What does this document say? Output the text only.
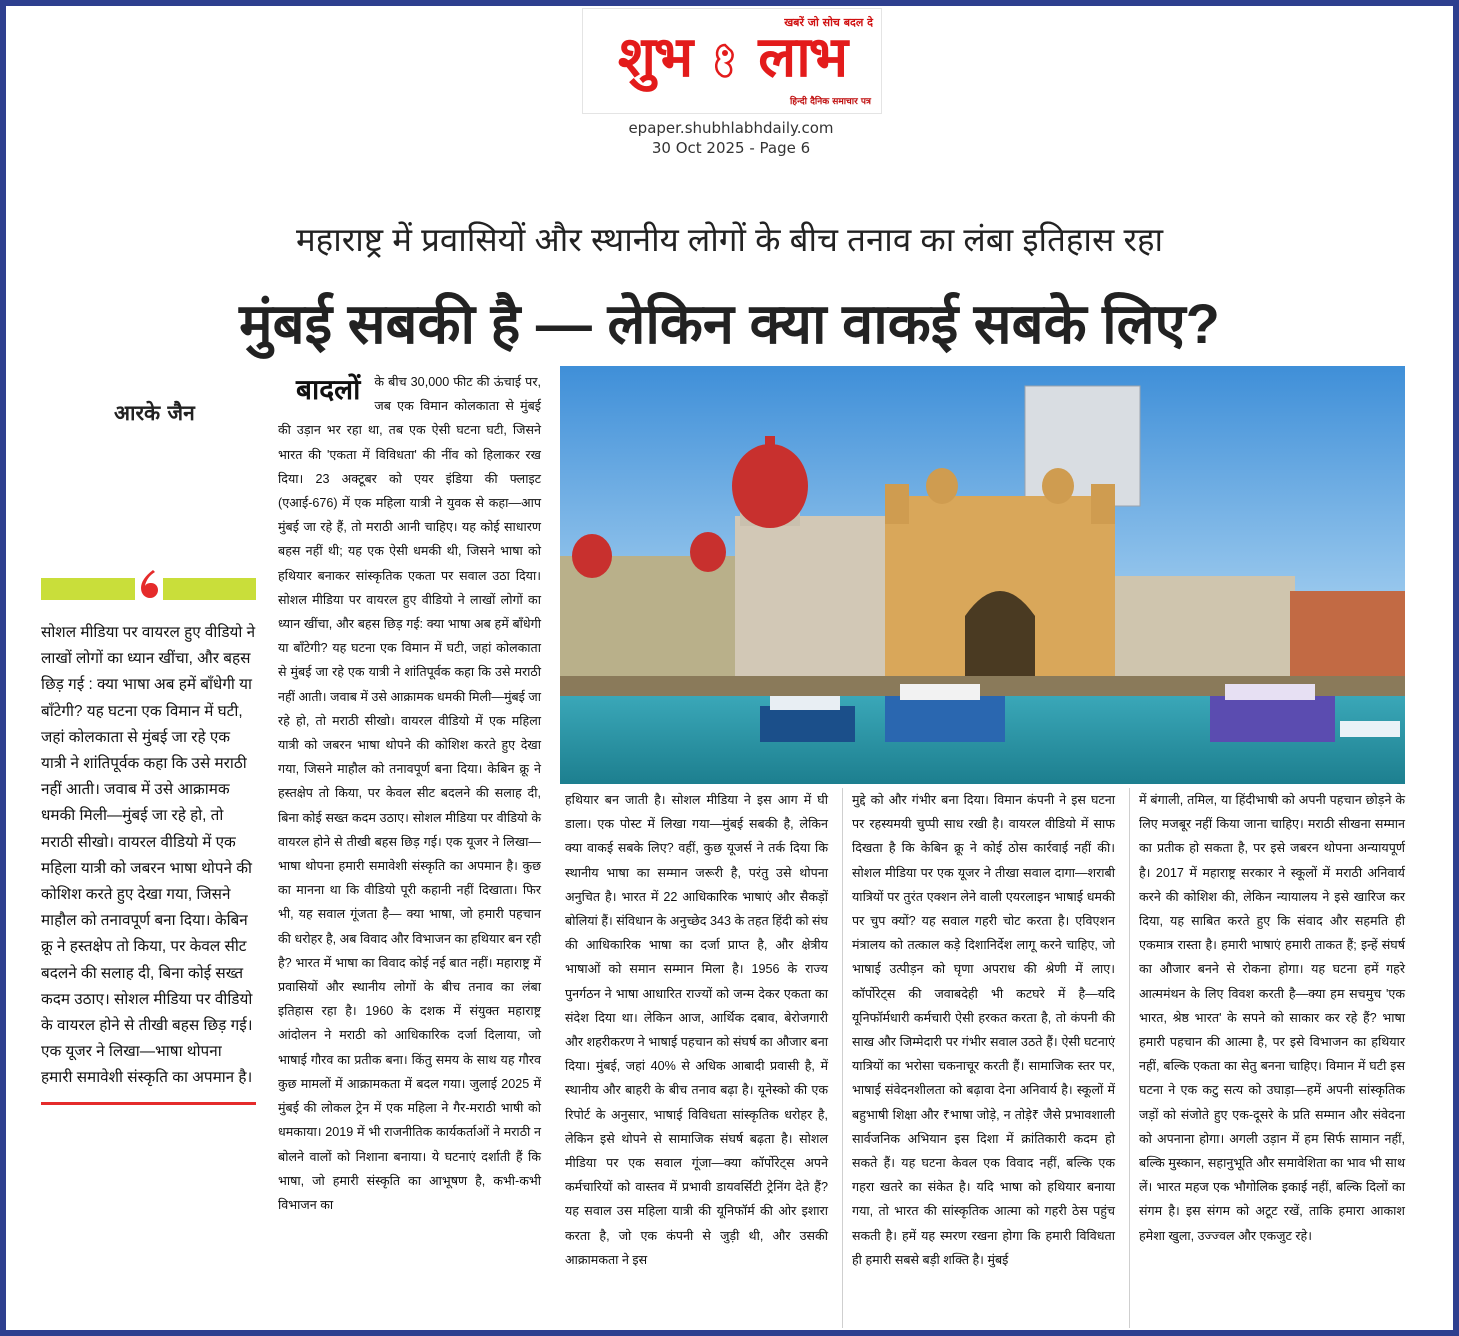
खबरें जो सोच बदल दे
शुभ लाभ
हिन्दी दैनिक समाचार पत्र
epaper.shubhlabhdaily.com
30 Oct 2025 - Page 6
महाराष्ट्र में प्रवासियों और स्थानीय लोगों के बीच तनाव का लंबा इतिहास रहा
मुंबई सबकी है — लेकिन क्या वाकई सबके लिए?
आरके जैन
सोशल मीडिया पर वायरल हुए वीडियो ने लाखों लोगों का ध्यान खींचा, और बहस छिड़ गई : क्या भाषा अब हमें बाँधेगी या बाँटेगी? यह घटना एक विमान में घटी, जहां कोलकाता से मुंबई जा रहे एक यात्री ने शांतिपूर्वक कहा कि उसे मराठी नहीं आती। जवाब में उसे आक्रामक धमकी मिली—मुंबई जा रहे हो, तो मराठी सीखो। वायरल वीडियो में एक महिला यात्री को जबरन भाषा थोपने की कोशिश करते हुए देखा गया, जिसने माहौल को तनावपूर्ण बना दिया। केबिन क्रू ने हस्तक्षेप तो किया, पर केवल सीट बदलने की सलाह दी, बिना कोई सख्त कदम उठाए। सोशल मीडिया पर वीडियो के वायरल होने से तीखी बहस छिड़ गई। एक यूजर ने लिखा—भाषा थोपना हमारी समावेशी संस्कृति का अपमान है।
बादलों के बीच 30,000 फीट की ऊंचाई पर, जब एक विमान कोलकाता से मुंबई की उड़ान भर रहा था, तब एक ऐसी घटना घटी, जिसने भारत की 'एकता में विविधता' की नींव को हिलाकर रख दिया। 23 अक्टूबर को एयर इंडिया की फ्लाइट (एआई-676) में एक महिला यात्री ने युवक से कहा—आप मुंबई जा रहे हैं, तो मराठी आनी चाहिए। यह कोई साधारण बहस नहीं थी; यह एक ऐसी धमकी थी, जिसने भाषा को हथियार बनाकर सांस्कृतिक एकता पर सवाल उठा दिया। सोशल मीडिया पर वायरल हुए वीडियो ने लाखों लोगों का ध्यान खींचा, और बहस छिड़ गई: क्या भाषा अब हमें बाँधेगी या बाँटेगी? यह घटना एक विमान में घटी, जहां कोलकाता से मुंबई जा रहे एक यात्री ने शांतिपूर्वक कहा कि उसे मराठी नहीं आती। जवाब में उसे आक्रामक धमकी मिली—मुंबई जा रहे हो, तो मराठी सीखो। वायरल वीडियो में एक महिला यात्री को जबरन भाषा थोपने की कोशिश करते हुए देखा गया, जिसने माहौल को तनावपूर्ण बना दिया। केबिन क्रू ने हस्तक्षेप तो किया, पर केवल सीट बदलने की सलाह दी, बिना कोई सख्त कदम उठाए। सोशल मीडिया पर वीडियो के वायरल होने से तीखी बहस छिड़ गई। एक यूजर ने लिखा—भाषा थोपना हमारी समावेशी संस्कृति का अपमान है। कुछ का मानना था कि वीडियो पूरी कहानी नहीं दिखाता। फिर भी, यह सवाल गूंजता है— क्या भाषा, जो हमारी पहचान की धरोहर है, अब विवाद और विभाजन का हथियार बन रही है? भारत में भाषा का विवाद कोई नई बात नहीं। महाराष्ट्र में प्रवासियों और स्थानीय लोगों के बीच तनाव का लंबा इतिहास रहा है। 1960 के दशक में संयुक्त महाराष्ट्र आंदोलन ने मराठी को आधिकारिक दर्जा दिलाया, जो भाषाई गौरव का प्रतीक बना। किंतु समय के साथ यह गौरव कुछ मामलों में आक्रामकता में बदल गया। जुलाई 2025 में मुंबई की लोकल ट्रेन में एक महिला ने गैर-मराठी भाषी को धमकाया। 2019 में भी राजनीतिक कार्यकर्ताओं ने मराठी न बोलने वालों को निशाना बनाया। ये घटनाएं दर्शाती हैं कि भाषा, जो हमारी संस्कृति का आभूषण है, कभी-कभी विभाजन का
हथियार बन जाती है। सोशल मीडिया ने इस आग में घी डाला। एक पोस्ट में लिखा गया—मुंबई सबकी है, लेकिन क्या वाकई सबके लिए? वहीं, कुछ यूजर्स ने तर्क दिया कि स्थानीय भाषा का सम्मान जरूरी है, परंतु उसे थोपना अनुचित है। भारत में 22 आधिकारिक भाषाएं और सैकड़ों बोलियां हैं। संविधान के अनुच्छेद 343 के तहत हिंदी को संघ की आधिकारिक भाषा का दर्जा प्राप्त है, और क्षेत्रीय भाषाओं को समान सम्मान मिला है। 1956 के राज्य पुनर्गठन ने भाषा आधारित राज्यों को जन्म देकर एकता का संदेश दिया था। लेकिन आज, आर्थिक दबाव, बेरोजगारी और शहरीकरण ने भाषाई पहचान को संघर्ष का औजार बना दिया। मुंबई, जहां 40% से अधिक आबादी प्रवासी है, में स्थानीय और बाहरी के बीच तनाव बढ़ा है। यूनेस्को की एक रिपोर्ट के अनुसार, भाषाई विविधता सांस्कृतिक धरोहर है, लेकिन इसे थोपने से सामाजिक संघर्ष बढ़ता है। सोशल मीडिया पर एक सवाल गूंजा—क्या कॉर्पोरेट्स अपने कर्मचारियों को वास्तव में प्रभावी डायवर्सिटी ट्रेनिंग देते हैं? यह सवाल उस महिला यात्री की यूनिफॉर्म की ओर इशारा करता है, जो एक कंपनी से जुड़ी थी, और उसकी आक्रामकता ने इस
मुद्दे को और गंभीर बना दिया। विमान कंपनी ने इस घटना पर रहस्यमयी चुप्पी साध रखी है। वायरल वीडियो में साफ दिखता है कि केबिन क्रू ने कोई ठोस कार्रवाई नहीं की। सोशल मीडिया पर एक यूजर ने तीखा सवाल दागा—शराबी यात्रियों पर तुरंत एक्शन लेने वाली एयरलाइन भाषाई धमकी पर चुप क्यों? यह सवाल गहरी चोट करता है। एविएशन मंत्रालय को तत्काल कड़े दिशानिर्देश लागू करने चाहिए, जो भाषाई उत्पीड़न को घृणा अपराध की श्रेणी में लाए। कॉर्पोरेट्स की जवाबदेही भी कटघरे में है—यदि यूनिफॉर्मधारी कर्मचारी ऐसी हरकत करता है, तो कंपनी की साख और जिम्मेदारी पर गंभीर सवाल उठते हैं। ऐसी घटनाएं यात्रियों का भरोसा चकनाचूर करती हैं। सामाजिक स्तर पर, भाषाई संवेदनशीलता को बढ़ावा देना अनिवार्य है। स्कूलों में बहुभाषी शिक्षा और ₹भाषा जोड़े, न तोड़े₹ जैसे प्रभावशाली सार्वजनिक अभियान इस दिशा में क्रांतिकारी कदम हो सकते हैं। यह घटना केवल एक विवाद नहीं, बल्कि एक गहरा खतरे का संकेत है। यदि भाषा को हथियार बनाया गया, तो भारत की सांस्कृतिक आत्मा को गहरी ठेस पहुंच सकती है। हमें यह स्मरण रखना होगा कि हमारी विविधता ही हमारी सबसे बड़ी शक्ति है। मुंबई
में बंगाली, तमिल, या हिंदीभाषी को अपनी पहचान छोड़ने के लिए मजबूर नहीं किया जाना चाहिए। मराठी सीखना सम्मान का प्रतीक हो सकता है, पर इसे जबरन थोपना अन्यायपूर्ण है। 2017 में महाराष्ट्र सरकार ने स्कूलों में मराठी अनिवार्य करने की कोशिश की, लेकिन न्यायालय ने इसे खारिज कर दिया, यह साबित करते हुए कि संवाद और सहमति ही एकमात्र रास्ता है। हमारी भाषाएं हमारी ताकत हैं; इन्हें संघर्ष का औजार बनने से रोकना होगा। यह घटना हमें गहरे आत्ममंथन के लिए विवश करती है—क्या हम सचमुच 'एक भारत, श्रेष्ठ भारत' के सपने को साकार कर रहे हैं? भाषा हमारी पहचान की आत्मा है, पर इसे विभाजन का हथियार नहीं, बल्कि एकता का सेतु बनना चाहिए। विमान में घटी इस घटना ने एक कटु सत्य को उघाड़ा—हमें अपनी सांस्कृतिक जड़ों को संजोते हुए एक-दूसरे के प्रति सम्मान और संवेदना को अपनाना होगा। अगली उड़ान में हम सिर्फ सामान नहीं, बल्कि मुस्कान, सहानुभूति और समावेशिता का भाव भी साथ लें। भारत महज एक भौगोलिक इकाई नहीं, बल्कि दिलों का संगम है। इस संगम को अटूट रखें, ताकि हमारा आकाश हमेशा खुला, उज्ज्वल और एकजुट रहे।
